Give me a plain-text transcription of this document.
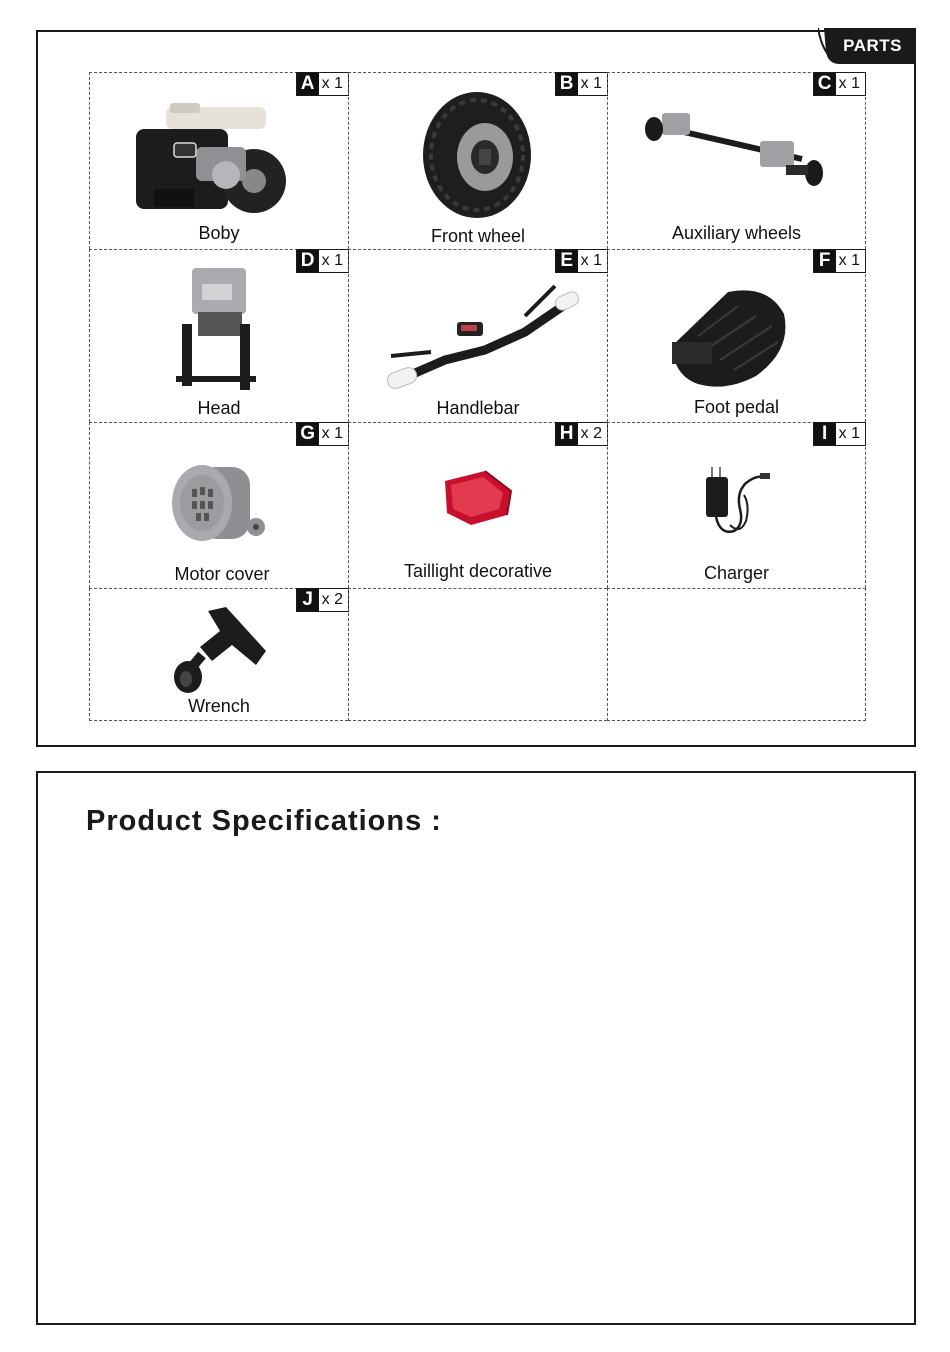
PARTS
A x 1
Boby
B x 1
Front wheel
C x 1
Auxiliary wheels
D x 1
Head
E x 1
Handlebar
F x 1
Foot pedal
G x 1
Motor cover
H x 2
Taillight decorative
I x 1
Charger
J x 2
Wrench
Product Specifications :
